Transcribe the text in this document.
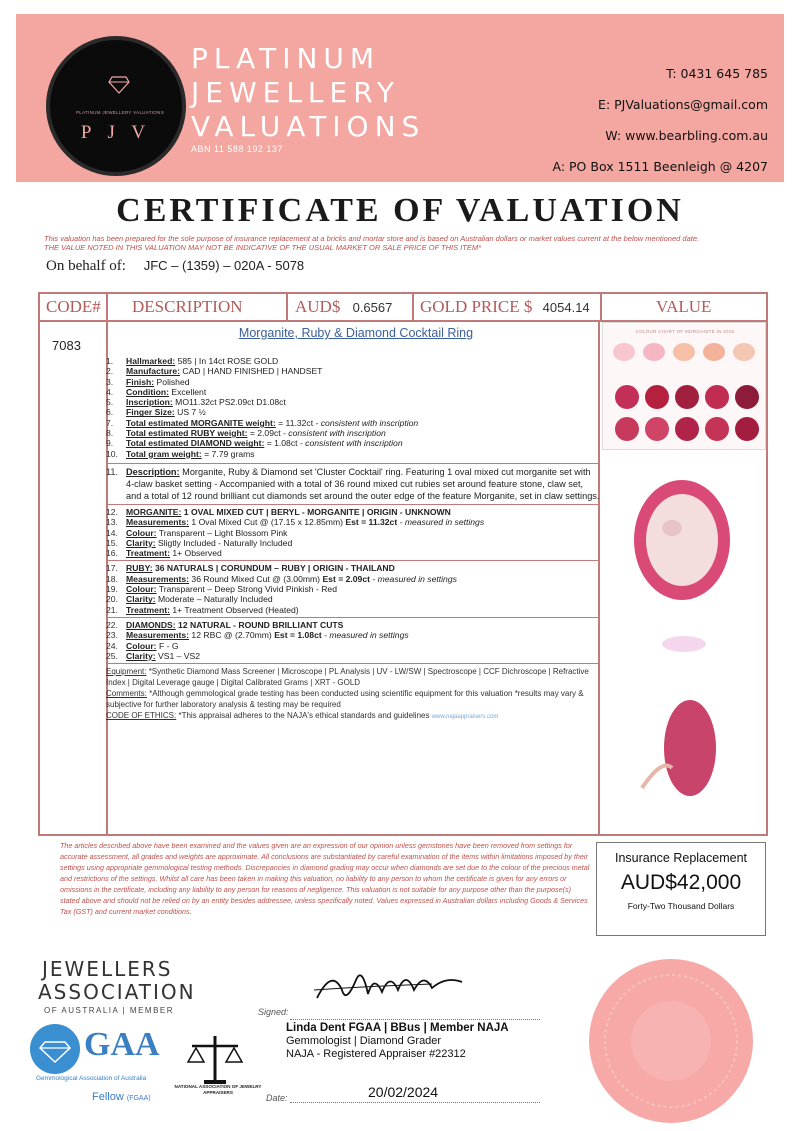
PLATINUM JEWELLERY VALUATIONS
P J V
PLATINUM
JEWELLERY
VALUATIONS
ABN 11 588 192 137
T: 0431 645 785
E: PJValuations@gmail.com
W: www.bearbling.com.au
A: PO Box 1511 Beenleigh @ 4207
CERTIFICATE OF VALUATION
This valuation has been prepared for the sole purpose of insurance replacement at a bricks and mortar store and is based on Australian dollars or market values current at the below mentioned date.
THE VALUE NOTED IN THIS VALUATION MAY NOT BE INDICATIVE OF THE USUAL MARKET OR SALE PRICE OF THIS ITEM*
On behalf of: JFC – (1359) – 020A - 5078
CODE# DESCRIPTION	AUD$ 0.6567 GOLD PRICE $ 4054.14	VALUE
7083
Morganite, Ruby & Diamond Cocktail Ring
1. Hallmarked: 585 | In 14ct ROSE GOLD
2. Manufacture: CAD | HAND FINISHED | HANDSET
3. Finish: Polished
4. Condition: Excellent
5. Inscription: MO11.32ct PS2.09ct D1.08ct
6. Finger Size: US 7 ½
7. Total estimated MORGANITE weight: = 11.32ct - consistent with inscription
8. Total estimated RUBY weight: = 2.09ct - consistent with inscription
9. Total estimated DIAMOND weight: = 1.08ct - consistent with inscription
10. Total gram weight: = 7.79 grams
11. Description: Morganite, Ruby & Diamond set 'Cluster Cocktail' ring. Featuring 1 oval mixed cut morganite set with 4-claw basket setting - Accompanied with a total of 36 round mixed cut rubies set around feature stone, claw set, and a total of 12 round brilliant cut diamonds set around the outer edge of the feature Morganite, set in claw settings.
12. MORGANITE: 1 OVAL MIXED CUT | BERYL - MORGANITE | ORIGIN - UNKNOWN
13. Measurements: 1 Oval Mixed Cut @ (17.15 x 12.85mm) Est = 11.32ct - measured in settings
14. Colour: Transparent – Light Blossom Pink
15. Clarity: Sligtly Included - Naturally Included
16. Treatment: 1+ Observed
17. RUBY: 36 NATURALS | CORUNDUM – RUBY | ORIGIN - THAILAND
18. Measurements: 36 Round Mixed Cut @ (3.00mm) Est = 2.09ct - measured in settings
19. Colour: Transparent – Deep Strong Vivid Pinkish - Red
20. Clarity: Moderate – Naturally Included
21. Treatment: 1+ Treatment Observed (Heated)
22. DIAMONDS: 12 NATURAL - ROUND BRILLIANT CUTS
23. Measurements: 12 RBC @ (2.70mm) Est = 1.08ct - measured in settings
24. Colour: F - G
25. Clarity: VS1 – VS2
Equipment: *Synthetic Diamond Mass Screener | Microscope | PL Analysis | UV - LW/SW | Spectroscope | CCF Dichroscope | Refractive Index | Digital Leverage gauge | Digital Calibrated Grams | XRT - GOLD
Comments: *Although gemmological grade testing has been conducted using scientific equipment for this valuation *results may vary & subjective for further laboratory analysis & testing may be required
CODE OF ETHICS: *This appraisal adheres to the NAJA's ethical standards and guidelines www.najaappraisers.com
COLOUR CHART OF MORGANITE IN 2015
The articles described above have been examined and the values given are an expression of our opinion unless gemstones have been removed from settings for accurate assessment, all grades and weights are approximate. All conclusions are substantiated by careful examination of the items within limitations imposed by their settings using appropriate gemmological testing methods. Discrepancies in diamond grading may occur when diamonds are set due to the colour of the precious metal and restrictions of the settings. Whilst all care has been taken in making this valuation, no liability to any person to whom the certificate is given for any errors or omissions in the certificate, including any liability to any person for reasons of negligence. This valuation is not suitable for any purpose other than the purpose(s) stated above and should not be relied on by an entity besides addressee, unless specifically noted. Values expressed in Australian dollars including Goods & Services Tax (GST) and current market conditions.
Insurance Replacement
AUD$42,000
Forty-Two Thousand Dollars
JEWELLERS
ASSOCIATION
OF AUSTRALIA | MEMBER
GAA
Gemmological Association of Australia
Fellow (FGAA)
NATIONAL ASSOCIATION OF JEWELRY APPRAISERS
Signed:
Linda Dent FGAA | BBus | Member NAJA
Gemmologist | Diamond Grader
NAJA - Registered Appraiser #22312
Date:	20/02/2024
